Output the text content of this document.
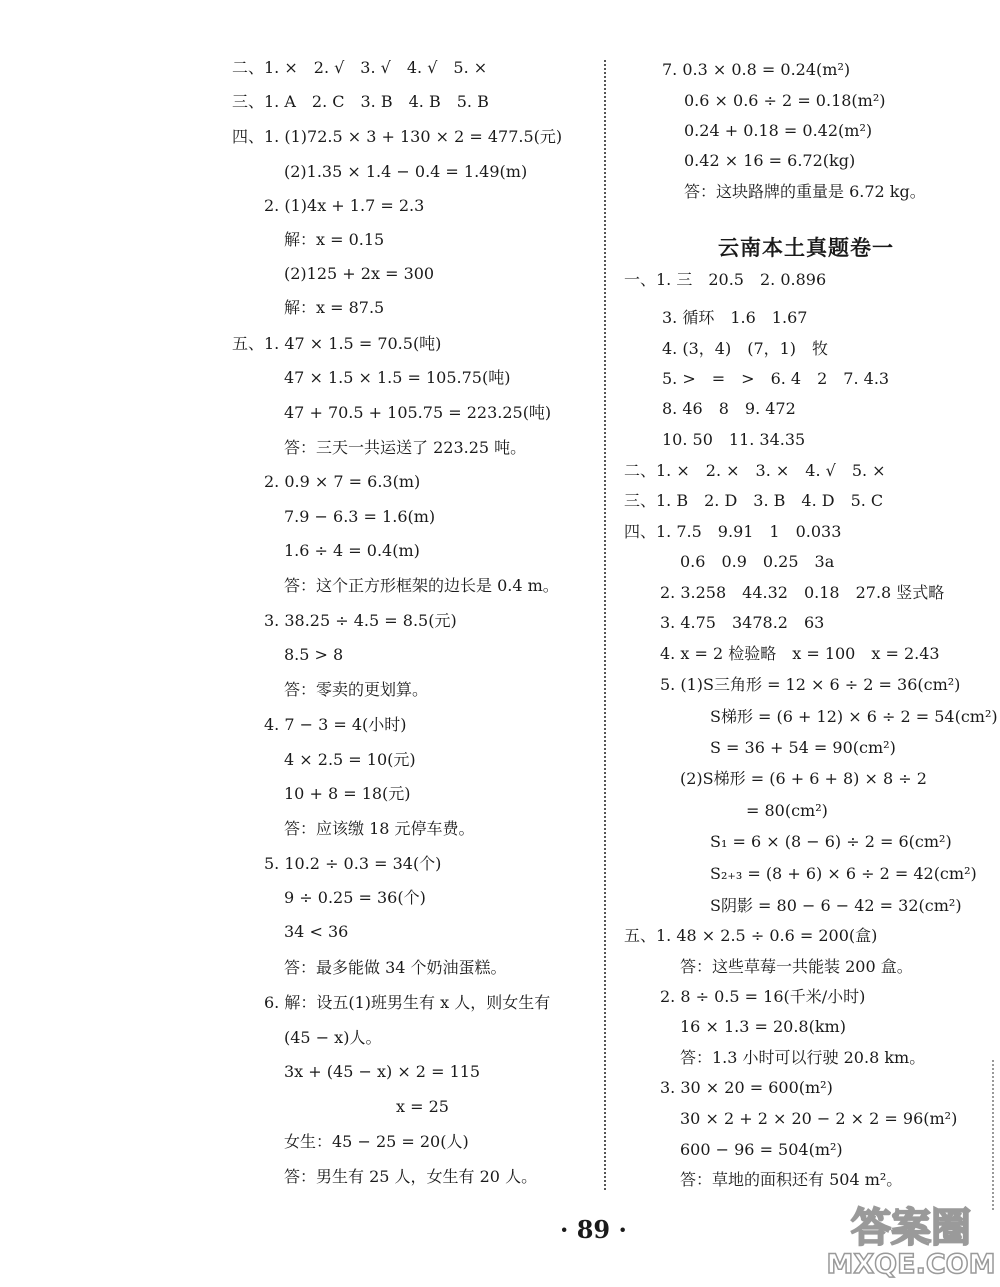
二、1. ×　2. √　3. √　4. √　5. ×
三、1. A　2. C　3. B　4. B　5. B
四、1. (1)72.5 × 3 + 130 × 2 = 477.5(元)
(2)1.35 × 1.4 − 0.4 = 1.49(m)
2. (1)4x + 1.7 = 2.3
解：x = 0.15
(2)125 + 2x = 300
解：x = 87.5
五、1. 47 × 1.5 = 70.5(吨)
47 × 1.5 × 1.5 = 105.75(吨)
47 + 70.5 + 105.75 = 223.25(吨)
答：三天一共运送了 223.25 吨。
2. 0.9 × 7 = 6.3(m)
7.9 − 6.3 = 1.6(m)
1.6 ÷ 4 = 0.4(m)
答：这个正方形框架的边长是 0.4 m。
3. 38.25 ÷ 4.5 = 8.5(元)
8.5 > 8
答：零卖的更划算。
4. 7 − 3 = 4(小时)
4 × 2.5 = 10(元)
10 + 8 = 18(元)
答：应该缴 18 元停车费。
5. 10.2 ÷ 0.3 = 34(个)
9 ÷ 0.25 = 36(个)
34 < 36
答：最多能做 34 个奶油蛋糕。
6. 解：设五(1)班男生有 x 人，则女生有
(45 − x)人。
3x + (45 − x) × 2 = 115
x = 25
女生：45 − 25 = 20(人)
答：男生有 25 人，女生有 20 人。
7. 0.3 × 0.8 = 0.24(m²)
0.6 × 0.6 ÷ 2 = 0.18(m²)
0.24 + 0.18 = 0.42(m²)
0.42 × 16 = 6.72(kg)
答：这块路牌的重量是 6.72 kg。
云南本土真题卷一
一、1. 三　20.5　2. 0.896
3. 循环　1.6　1.67
4. (3，4)　(7，1)　牧
5. >　=　>　6. 4　2　7. 4.3
8. 46　8　9. 472
10. 50　11. 34.35
二、1. ×　2. ×　3. ×　4. √　5. ×
三、1. B　2. D　3. B　4. D　5. C
四、1. 7.5　9.91　1　0.033
0.6　0.9　0.25　3a
2. 3.258　44.32　0.18　27.8 竖式略
3. 4.75　3478.2　63
4. x = 2 检验略　x = 100　x = 2.43
5. (1)S三角形 = 12 × 6 ÷ 2 = 36(cm²)
S梯形 = (6 + 12) × 6 ÷ 2 = 54(cm²)
S = 36 + 54 = 90(cm²)
(2)S梯形 = (6 + 6 + 8) × 8 ÷ 2
= 80(cm²)
S₁ = 6 × (8 − 6) ÷ 2 = 6(cm²)
S₂₊₃ = (8 + 6) × 6 ÷ 2 = 42(cm²)
S阴影 = 80 − 6 − 42 = 32(cm²)
五、1. 48 × 2.5 ÷ 0.6 = 200(盒)
答：这些草莓一共能装 200 盒。
2. 8 ÷ 0.5 = 16(千米/小时)
16 × 1.3 = 20.8(km)
答：1.3 小时可以行驶 20.8 km。
3. 30 × 20 = 600(m²)
30 × 2 + 2 × 20 − 2 × 2 = 96(m²)
600 − 96 = 504(m²)
答：草地的面积还有 504 m²。
· 89 ·	答案圈
MXQE.COM
